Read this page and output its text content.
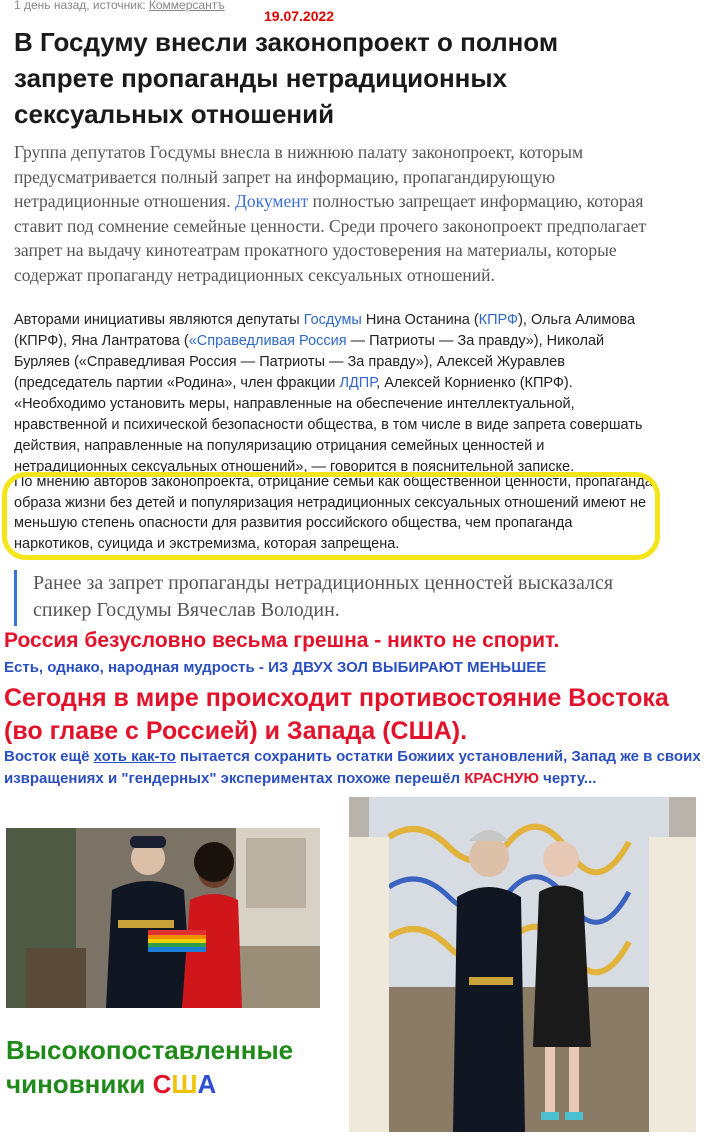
1 день назад, источник: Коммерсантъ
19.07.2022
В Госдуму внесли законопроект о полном запрете пропаганды нетрадиционных сексуальных отношений
Группа депутатов Госдумы внесла в нижнюю палату законопроект, которым предусматривается полный запрет на информацию, пропагандирующую нетрадиционные отношения. Документ полностью запрещает информацию, которая ставит под сомнение семейные ценности. Среди прочего законопроект предполагает запрет на выдачу кинотеатрам прокатного удостоверения на материалы, которые содержат пропаганду нетрадиционных сексуальных отношений.
Авторами инициативы являются депутаты Госдумы Нина Останина (КПРФ), Ольга Алимова (КПРФ), Яна Лантратова («Справедливая Россия — Патриоты — За правду»), Николай Бурляев («Справедливая Россия — Патриоты — За правду»), Алексей Журавлев (председатель партии «Родина», член фракции ЛДПР, Алексей Корниенко (КПРФ).
«Необходимо установить меры, направленные на обеспечение интеллектуальной, нравственной и психической безопасности общества, в том числе в виде запрета совершать действия, направленные на популяризацию отрицания семейных ценностей и нетрадиционных сексуальных отношений», — говорится в пояснительной записке.
По мнению авторов законопроекта, отрицание семьи как общественной ценности, пропаганда образа жизни без детей и популяризация нетрадиционных сексуальных отношений имеют не меньшую степень опасности для развития российского общества, чем пропаганда наркотиков, суицида и экстремизма, которая запрещена.
Ранее за запрет пропаганды нетрадиционных ценностей высказался спикер Госдумы Вячеслав Володин.
Россия безусловно весьма грешна - никто не спорит.
Есть, однако, народная мудрость - ИЗ ДВУХ ЗОЛ ВЫБИРАЮТ МЕНЬШЕЕ
Сегодня в мире происходит противостояние Востока (во главе с Россией) и Запада (США).
Восток ещё хоть как-то пытается сохранить остатки Божиих установлений, Запад же в своих извращениях и "гендерных" экспериментах похоже перешёл КРАСНУЮ черту...
Высокопоставленные
чиновники США
